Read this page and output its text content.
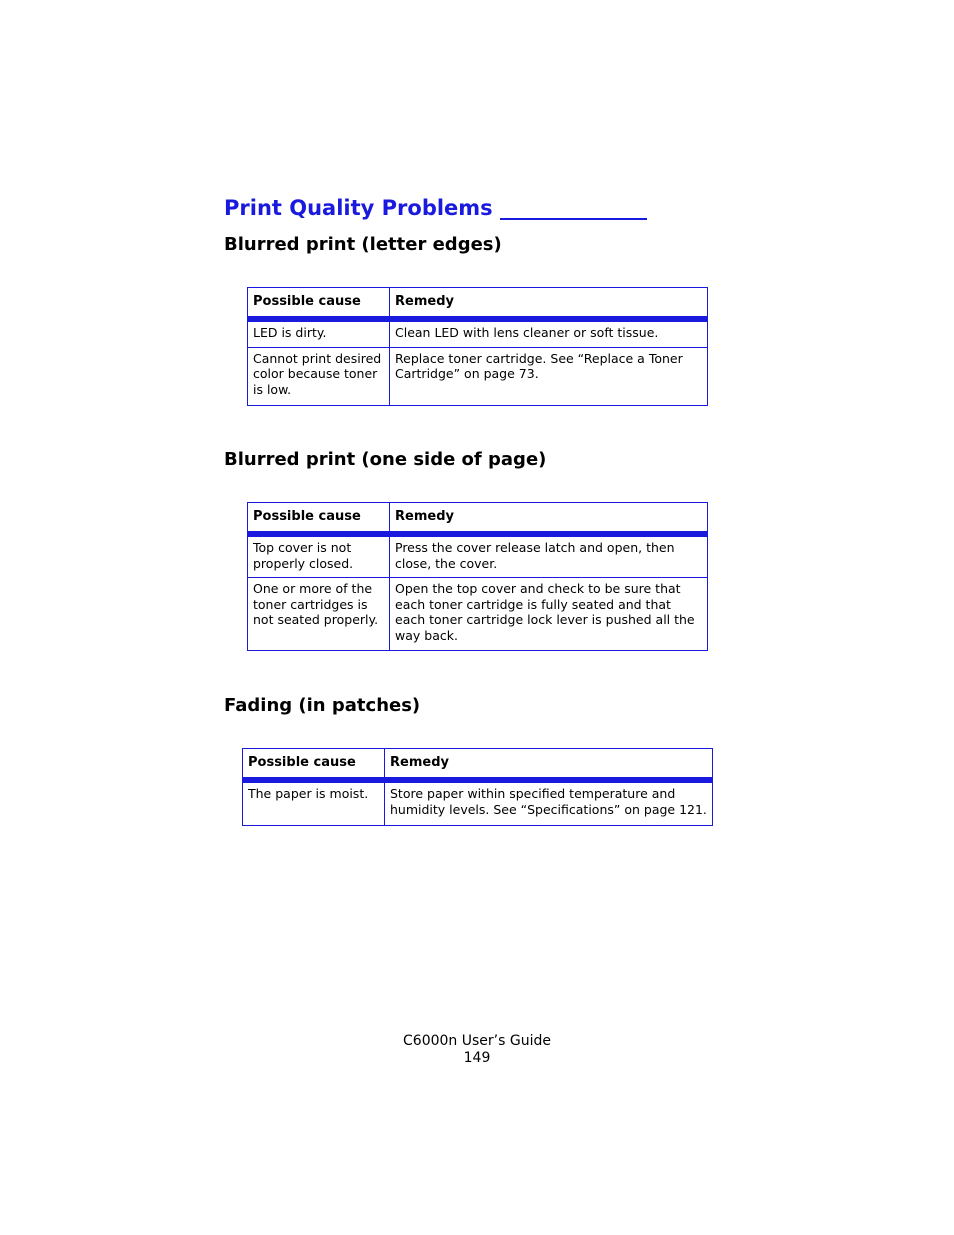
Print Quality Problems ______________
Blurred print (letter edges)
Possible cause	Remedy
LED is dirty.	Clean LED with lens cleaner or soft tissue.
Cannot print desired color because toner is low.	Replace toner cartridge. See “Replace a Toner Cartridge” on page 73.
Blurred print (one side of page)
Possible cause	Remedy
Top cover is not properly closed.	Press the cover release latch and open, then close, the cover.
One or more of the toner cartridges is not seated properly.	Open the top cover and check to be sure that each toner cartridge is fully seated and that each toner cartridge lock lever is pushed all the way back.
Fading (in patches)
Possible cause	Remedy
The paper is moist.	Store paper within specified temperature and humidity levels. See “Specifications” on page 121.
C6000n User’s Guide
149
